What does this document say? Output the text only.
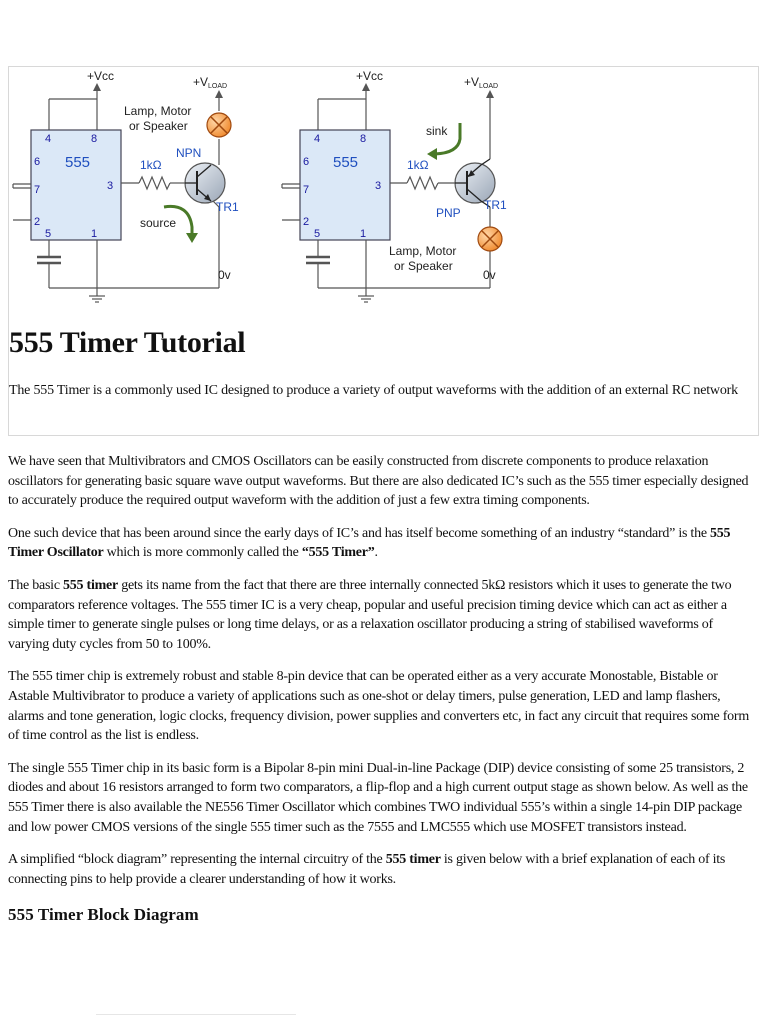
+Vcc	+VLOAD
Lamp, Motor
or Speaker
555	1kΩ
NPN
TR1
source
0v
4	8
6
7	3
2
5	1
+Vcc	+VLOAD
sink
555	1kΩ
PNP
TR1
Lamp, Motor
or Speaker
0v
4	8
6
7	3
2
5	1
555 Timer Tutorial

The 555 Timer is a commonly used IC designed to produce a variety of output waveforms with the addition of an external RC network

We have seen that Multivibrators and CMOS Oscillators can be easily constructed from discrete components to produce relaxation oscillators for generating basic square wave output waveforms. But there are also dedicated IC’s such as the 555 timer especially designed to accurately produce the required output waveform with the addition of just a few extra timing components.

One such device that has been around since the early days of IC’s and has itself become something of an industry “standard” is the 555 Timer Oscillator which is more commonly called the “555 Timer”.

The basic 555 timer gets its name from the fact that there are three internally connected 5kΩ resistors which it uses to generate the two comparators reference voltages. The 555 timer IC is a very cheap, popular and useful precision timing device which can act as either a simple timer to generate single pulses or long time delays, or as a relaxation oscillator producing a string of stabilised waveforms of varying duty cycles from 50 to 100%.

The 555 timer chip is extremely robust and stable 8-pin device that can be operated either as a very accurate Monostable, Bistable or Astable Multivibrator to produce a variety of applications such as one-shot or delay timers, pulse generation, LED and lamp flashers, alarms and tone generation, logic clocks, frequency division, power supplies and converters etc, in fact any circuit that requires some form of time control as the list is endless.

The single 555 Timer chip in its basic form is a Bipolar 8-pin mini Dual-in-line Package (DIP) device consisting of some 25 transistors, 2 diodes and about 16 resistors arranged to form two comparators, a flip-flop and a high current output stage as shown below. As well as the 555 Timer there is also available the NE556 Timer Oscillator which combines TWO individual 555’s within a single 14-pin DIP package and low power CMOS versions of the single 555 timer such as the 7555 and LMC555 which use MOSFET transistors instead.

A simplified “block diagram” representing the internal circuitry of the 555 timer is given below with a brief explanation of each of its connecting pins to help provide a clearer understanding of how it works.

555 Timer Block Diagram
